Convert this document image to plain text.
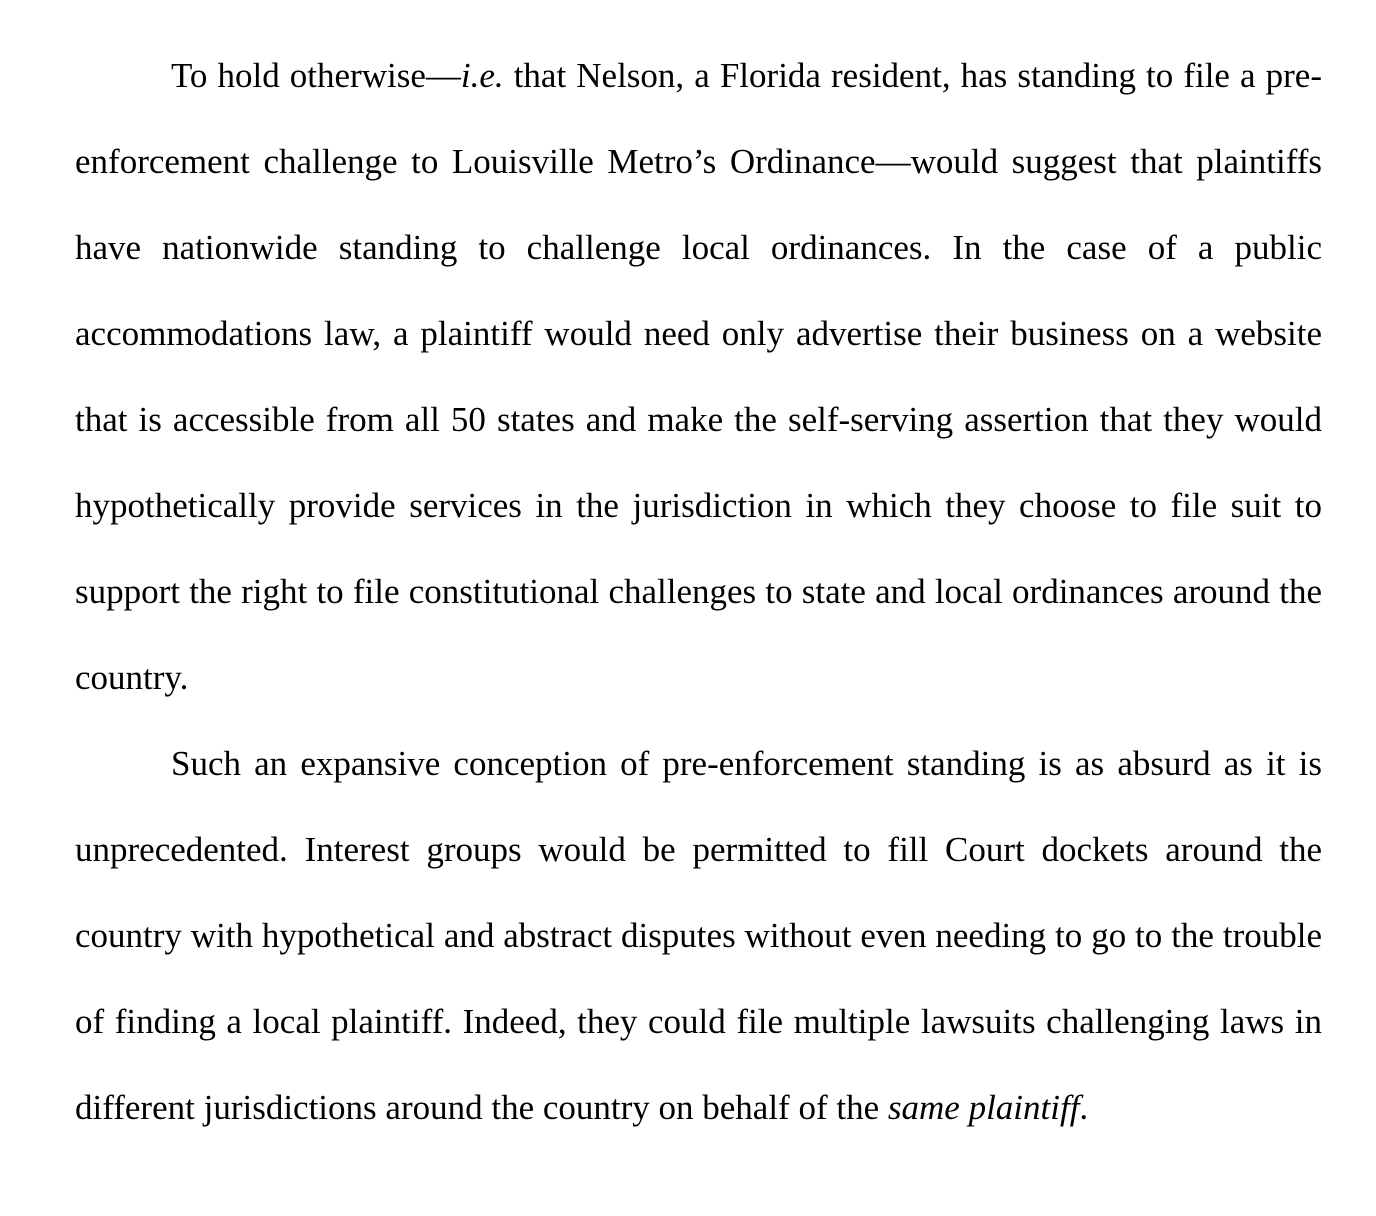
To hold otherwise—i.e. that Nelson, a Florida resident, has standing to file a pre-enforcement challenge to Louisville Metro’s Ordinance—would suggest that plaintiffs have nationwide standing to challenge local ordinances. In the case of a public accommodations law, a plaintiff would need only advertise their business on a website that is accessible from all 50 states and make the self-serving assertion that they would hypothetically provide services in the jurisdiction in which they choose to file suit to support the right to file constitutional challenges to state and local ordinances around the country.

Such an expansive conception of pre-enforcement standing is as absurd as it is unprecedented. Interest groups would be permitted to fill Court dockets around the country with hypothetical and abstract disputes without even needing to go to the trouble of finding a local plaintiff. Indeed, they could file multiple lawsuits challenging laws in different jurisdictions around the country on behalf of the same plaintiff.
